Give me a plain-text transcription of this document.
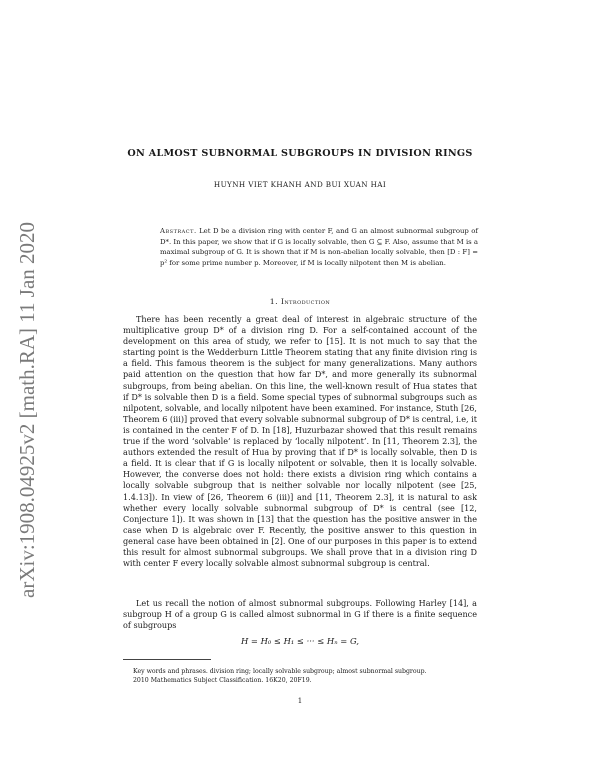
arXiv:1908.04925v2 [math.RA] 11 Jan 2020
ON ALMOST SUBNORMAL SUBGROUPS IN DIVISION RINGS
HUYNH VIET KHANH AND BUI XUAN HAI
Abstract. Let D be a division ring with center F, and G an almost subnormal subgroup of D*. In this paper, we show that if G is locally solvable, then G ⊆ F. Also, assume that M is a maximal subgroup of G. It is shown that if M is non-abelian locally solvable, then [D : F] = p² for some prime number p. Moreover, if M is locally nilpotent then M is abelian.
1. Introduction

There has been recently a great deal of interest in algebraic structure of the multiplicative group D* of a division ring D. For a self-contained account of the development on this area of study, we refer to [15]. It is not much to say that the starting point is the Wedderburn Little Theorem stating that any finite division ring is a field. This famous theorem is the subject for many generalizations. Many authors paid attention on the question that how far D*, and more generally its subnormal subgroups, from being abelian. On this line, the well-known result of Hua states that if D* is solvable then D is a field. Some special types of subnormal subgroups such as nilpotent, solvable, and locally nilpotent have been examined. For instance, Stuth [26, Theorem 6 (iii)] proved that every solvable subnormal subgroup of D* is central, i.e, it is contained in the center F of D. In [18], Huzurbazar showed that this result remains true if the word ‘solvable’ is replaced by ‘locally nilpotent’. In [11, Theorem 2.3], the authors extended the result of Hua by proving that if D* is locally solvable, then D is a field. It is clear that if G is locally nilpotent or solvable, then it is locally solvable. However, the converse does not hold: there exists a division ring which contains a locally solvable subgroup that is neither solvable nor locally nilpotent (see [25, 1.4.13]). In view of [26, Theorem 6 (iii)] and [11, Theorem 2.3], it is natural to ask whether every locally solvable subnormal subgroup of D* is central (see [12, Conjecture 1]). It was shown in [13] that the question has the positive answer in the case when D is algebraic over F. Recently, the positive answer to this question in general case have been obtained in [2]. One of our purposes in this paper is to extend this result for almost subnormal subgroups. We shall prove that in a division ring D with center F every locally solvable almost subnormal subgroup is central.

Let us recall the notion of almost subnormal subgroups. Following Harley [14], a subgroup H of a group G is called almost subnormal in G if there is a finite sequence of subgroups

H = H₀ ≤ H₁ ≤ ··· ≤ Hₙ = G,
Key words and phrases. division ring; locally solvable subgroup; almost subnormal subgroup.
2010 Mathematics Subject Classification. 16K20, 20F19.
1
